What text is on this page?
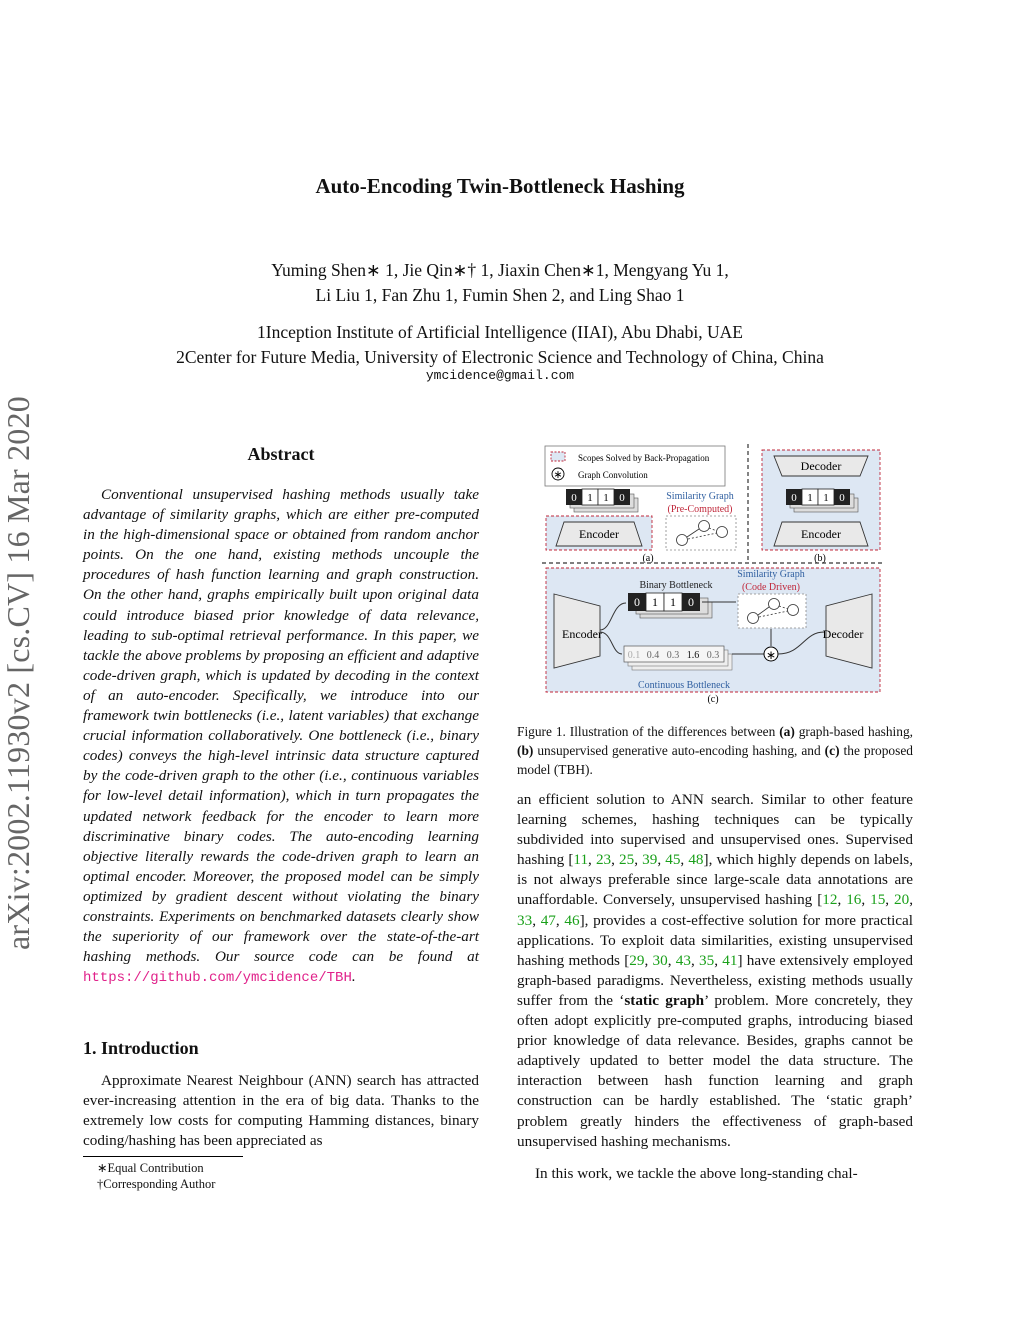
Auto-Encoding Twin-Bottleneck Hashing
Yuming Shen∗ 1, Jie Qin∗† 1, Jiaxin Chen∗1, Mengyang Yu 1,
Li Liu 1, Fan Zhu 1, Fumin Shen 2, and Ling Shao 1
1Inception Institute of Artificial Intelligence (IIAI), Abu Dhabi, UAE
2Center for Future Media, University of Electronic Science and Technology of China, China
ymcidence@gmail.com
arXiv:2002.11930v2 [cs.CV] 16 Mar 2020	Abstract
Conventional unsupervised hashing methods usually take advantage of similarity graphs, which are either pre-computed in the high-dimensional space or obtained from random anchor points. On the one hand, existing methods uncouple the procedures of hash function learning and graph construction. On the other hand, graphs empirically built upon original data could introduce biased prior knowledge of data relevance, leading to sub-optimal retrieval performance. In this paper, we tackle the above problems by proposing an efficient and adaptive code-driven graph, which is updated by decoding in the context of an auto-encoder. Specifically, we introduce into our framework twin bottlenecks (i.e., latent variables) that exchange crucial information collaboratively. One bottleneck (i.e., binary codes) conveys the high-level intrinsic data structure captured by the code-driven graph to the other (i.e., continuous variables for low-level detail information), which in turn propagates the updated network feedback for the encoder to learn more discriminative binary codes. The auto-encoding learning objective literally rewards the code-driven graph to learn an optimal encoder. Moreover, the proposed model can be simply optimized by gradient descent without violating the binary constraints. Experiments on benchmarked datasets clearly show the superiority of our framework over the state-of-the-art hashing methods. Our source code can be found at https://github.com/ymcidence/TBH.
1. Introduction
Approximate Nearest Neighbour (ANN) search has attracted ever-increasing attention in the era of big data. Thanks to the extremely low costs for computing Hamming distances, binary coding/hashing has been appreciated as
∗Equal Contribution
†Corresponding Author
Scopes Solved by Back-Propagation
∗ Graph Convolution
0 1 1 0
Encoder
Similarity Graph
(Pre-Computed)
(a)
Decoder
0 1 1 0
Encoder
(b)
Encoder	Decoder
Binary Bottleneck
0 1 1 0
Similarity Graph
(Code Driven)
0.1 0.4 0.3 1.6 0.3
Continuous Bottleneck
∗
(c)
Figure 1. Illustration of the differences between (a) graph-based hashing, (b) unsupervised generative auto-encoding hashing, and (c) the proposed model (TBH).

an efficient solution to ANN search. Similar to other feature learning schemes, hashing techniques can be typically subdivided into supervised and unsupervised ones. Supervised hashing [11, 23, 25, 39, 45, 48], which highly depends on labels, is not always preferable since large-scale data annotations are unaffordable. Conversely, unsupervised hashing [12, 16, 15, 20, 33, 47, 46], provides a cost-effective solution for more practical applications. To exploit data similarities, existing unsupervised hashing methods [29, 30, 43, 35, 41] have extensively employed graph-based paradigms. Nevertheless, existing methods usually suffer from the ‘static graph’ problem. More concretely, they often adopt explicitly pre-computed graphs, introducing biased prior knowledge of data relevance. Besides, graphs cannot be adaptively updated to better model the data structure. The interaction between hash function learning and graph construction can be hardly established. The ‘static graph’ problem greatly hinders the effectiveness of graph-based unsupervised hashing mechanisms.

In this work, we tackle the above long-standing chal-
